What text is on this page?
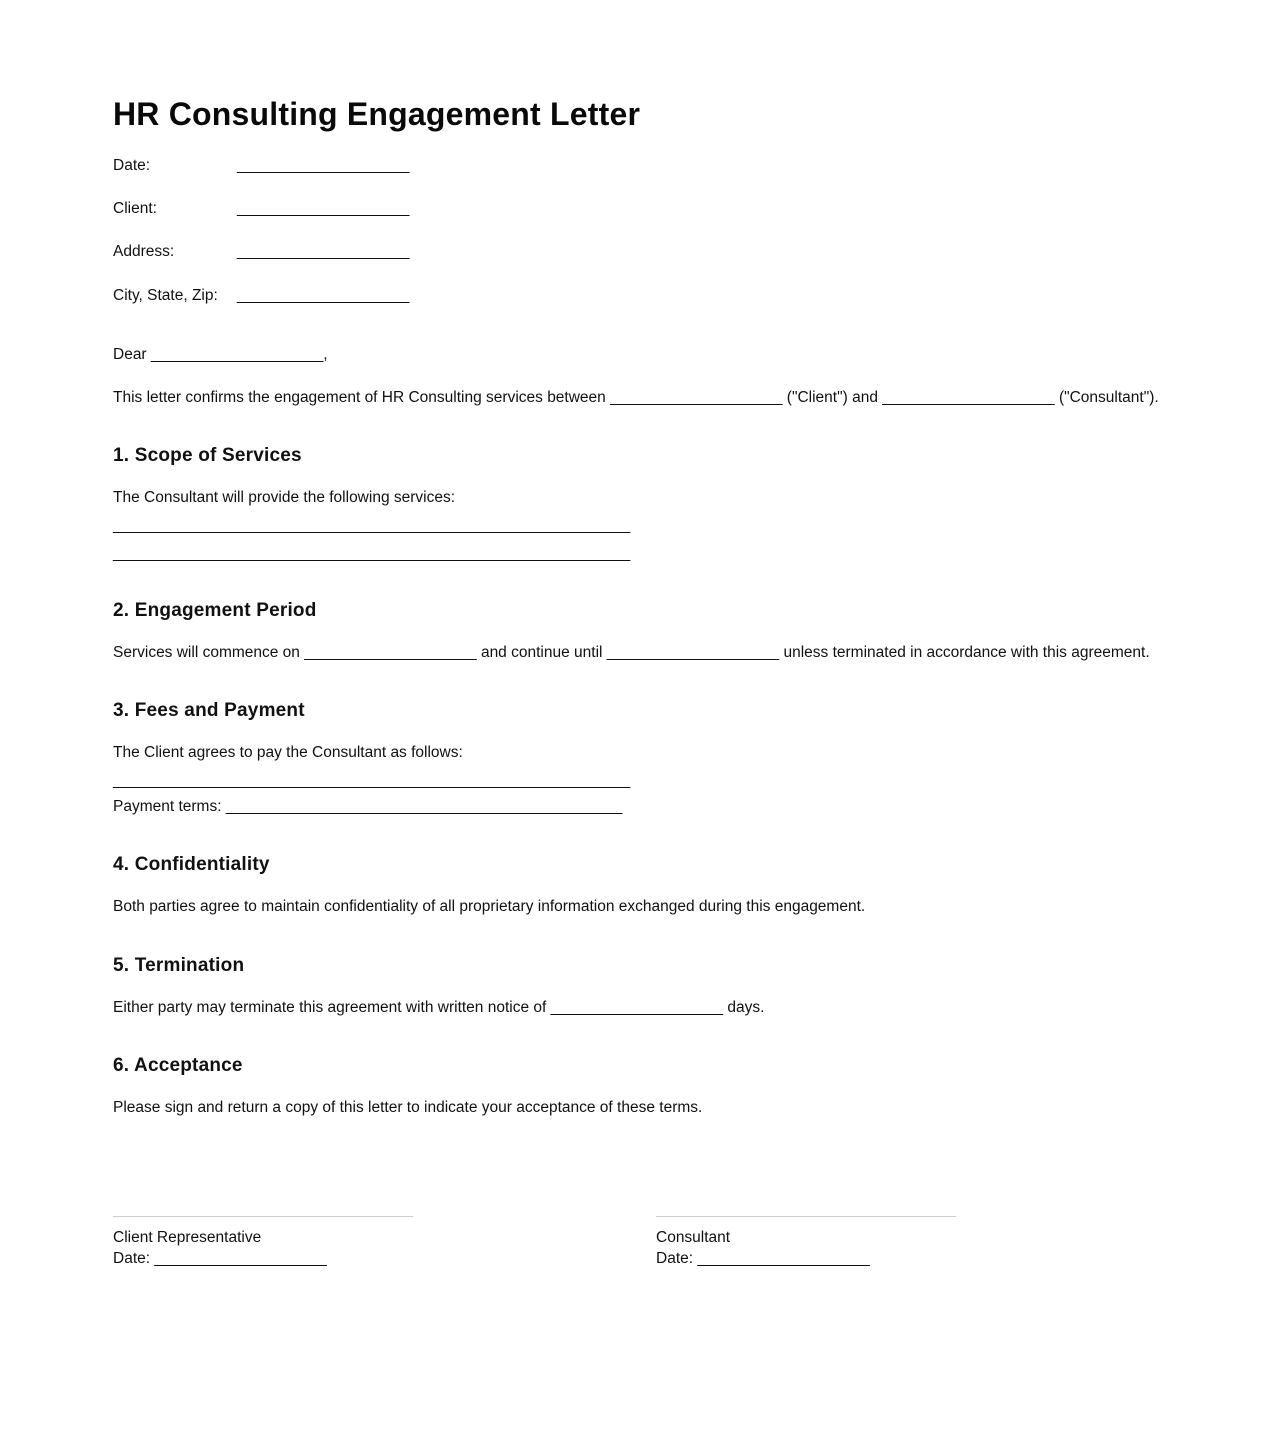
HR Consulting Engagement Letter
Date:	____________________
Client:	____________________
Address:	____________________
City, State, Zip: ____________________
Dear ____________________,
This letter confirms the engagement of HR Consulting services between ____________________ ("Client") and ____________________ ("Consultant").
1. Scope of Services
The Consultant will provide the following services:
____________________________________________________________
____________________________________________________________
2. Engagement Period
Services will commence on ____________________ and continue until ____________________ unless terminated in accordance with this agreement.
3. Fees and Payment
The Client agrees to pay the Consultant as follows:
____________________________________________________________
Payment terms: ______________________________________________
4. Confidentiality
Both parties agree to maintain confidentiality of all proprietary information exchanged during this engagement.
5. Termination
Either party may terminate this agreement with written notice of ____________________ days.
6. Acceptance
Please sign and return a copy of this letter to indicate your acceptance of these terms.
Client Representative
Date: ____________________
Consultant
Date: ____________________
